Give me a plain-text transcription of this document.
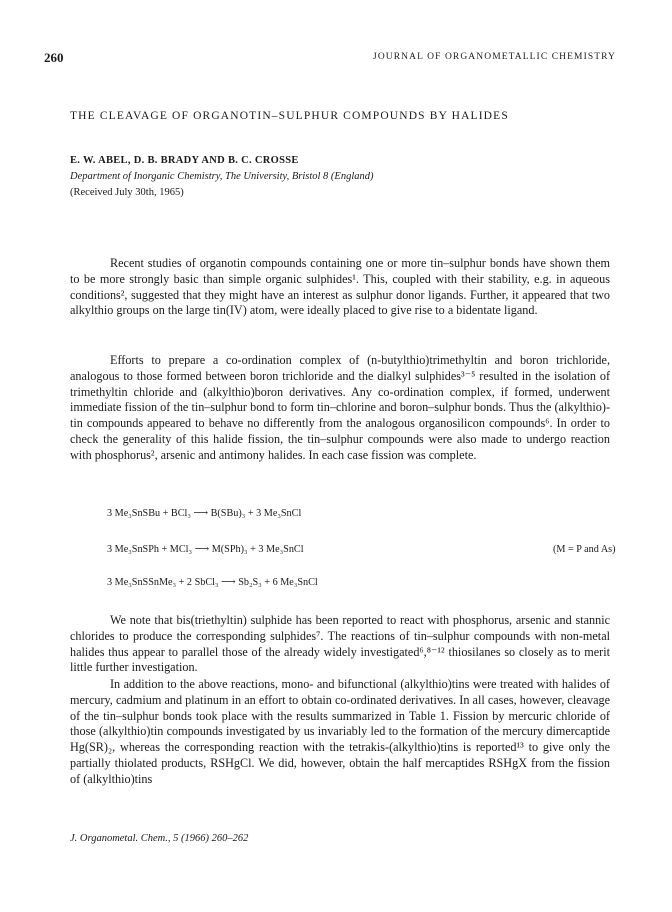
260	JOURNAL OF ORGANOMETALLIC CHEMISTRY
THE CLEAVAGE OF ORGANOTIN–SULPHUR COMPOUNDS BY HALIDES
E. W. ABEL, D. B. BRADY AND B. C. CROSSE
Department of Inorganic Chemistry, The University, Bristol 8 (England)
(Received July 30th, 1965)

Recent studies of organotin compounds containing one or more tin–sulphur bonds have shown them to be more strongly basic than simple organic sulphides¹. This, coupled with their stability, e.g. in aqueous conditions², suggested that they might have an interest as sulphur donor ligands. Further, it appeared that two alkylthio groups on the large tin(IV) atom, were ideally placed to give rise to a bidentate ligand.

Efforts to prepare a co-ordination complex of (n-butylthio)trimethyltin and boron trichloride, analogous to those formed between boron trichloride and the dialkyl sulphides³⁻⁵ resulted in the isolation of trimethyltin chloride and (alkylthio)boron derivatives. Any co-ordination complex, if formed, underwent immediate fission of the tin–sulphur bond to form tin–chlorine and boron–sulphur bonds. Thus the (alkylthio)-tin compounds appeared to behave no differently from the analogous organosilicon compounds⁶. In order to check the generality of this halide fission, the tin–sulphur compounds were also made to undergo reaction with phosphorus², arsenic and antimony halides. In each case fission was complete.

3 Me₃SnSBu + BCl₃ ⟶ B(SBu)₃ + 3 Me₃SnCl
3 Me₃SnSPh + MCl₃ ⟶ M(SPh)₃ + 3 Me₃SnCl	(M = P and As)
3 Me₃SnSSnMe₃ + 2 SbCl₃ ⟶ Sb₂S₃ + 6 Me₃SnCl

We note that bis(triethyltin) sulphide has been reported to react with phosphorus, arsenic and stannic chlorides to produce the corresponding sulphides⁷. The reactions of tin–sulphur compounds with non-metal halides thus appear to parallel those of the already widely investigated⁶,⁸⁻¹² thiosilanes so closely as to merit little further investigation.

In addition to the above reactions, mono- and bifunctional (alkylthio)tins were treated with halides of mercury, cadmium and platinum in an effort to obtain co-ordinated derivatives. In all cases, however, cleavage of the tin–sulphur bonds took place with the results summarized in Table 1. Fission by mercuric chloride of those (alkylthio)tin compounds investigated by us invariably led to the formation of the mercury dimercaptide Hg(SR)₂, whereas the corresponding reaction with the tetrakis-(alkylthio)tins is reported¹³ to give only the partially thiolated products, RSHgCl. We did, however, obtain the half mercaptides RSHgX from the fission of (alkylthio)tins

J. Organometal. Chem., 5 (1966) 260–262
